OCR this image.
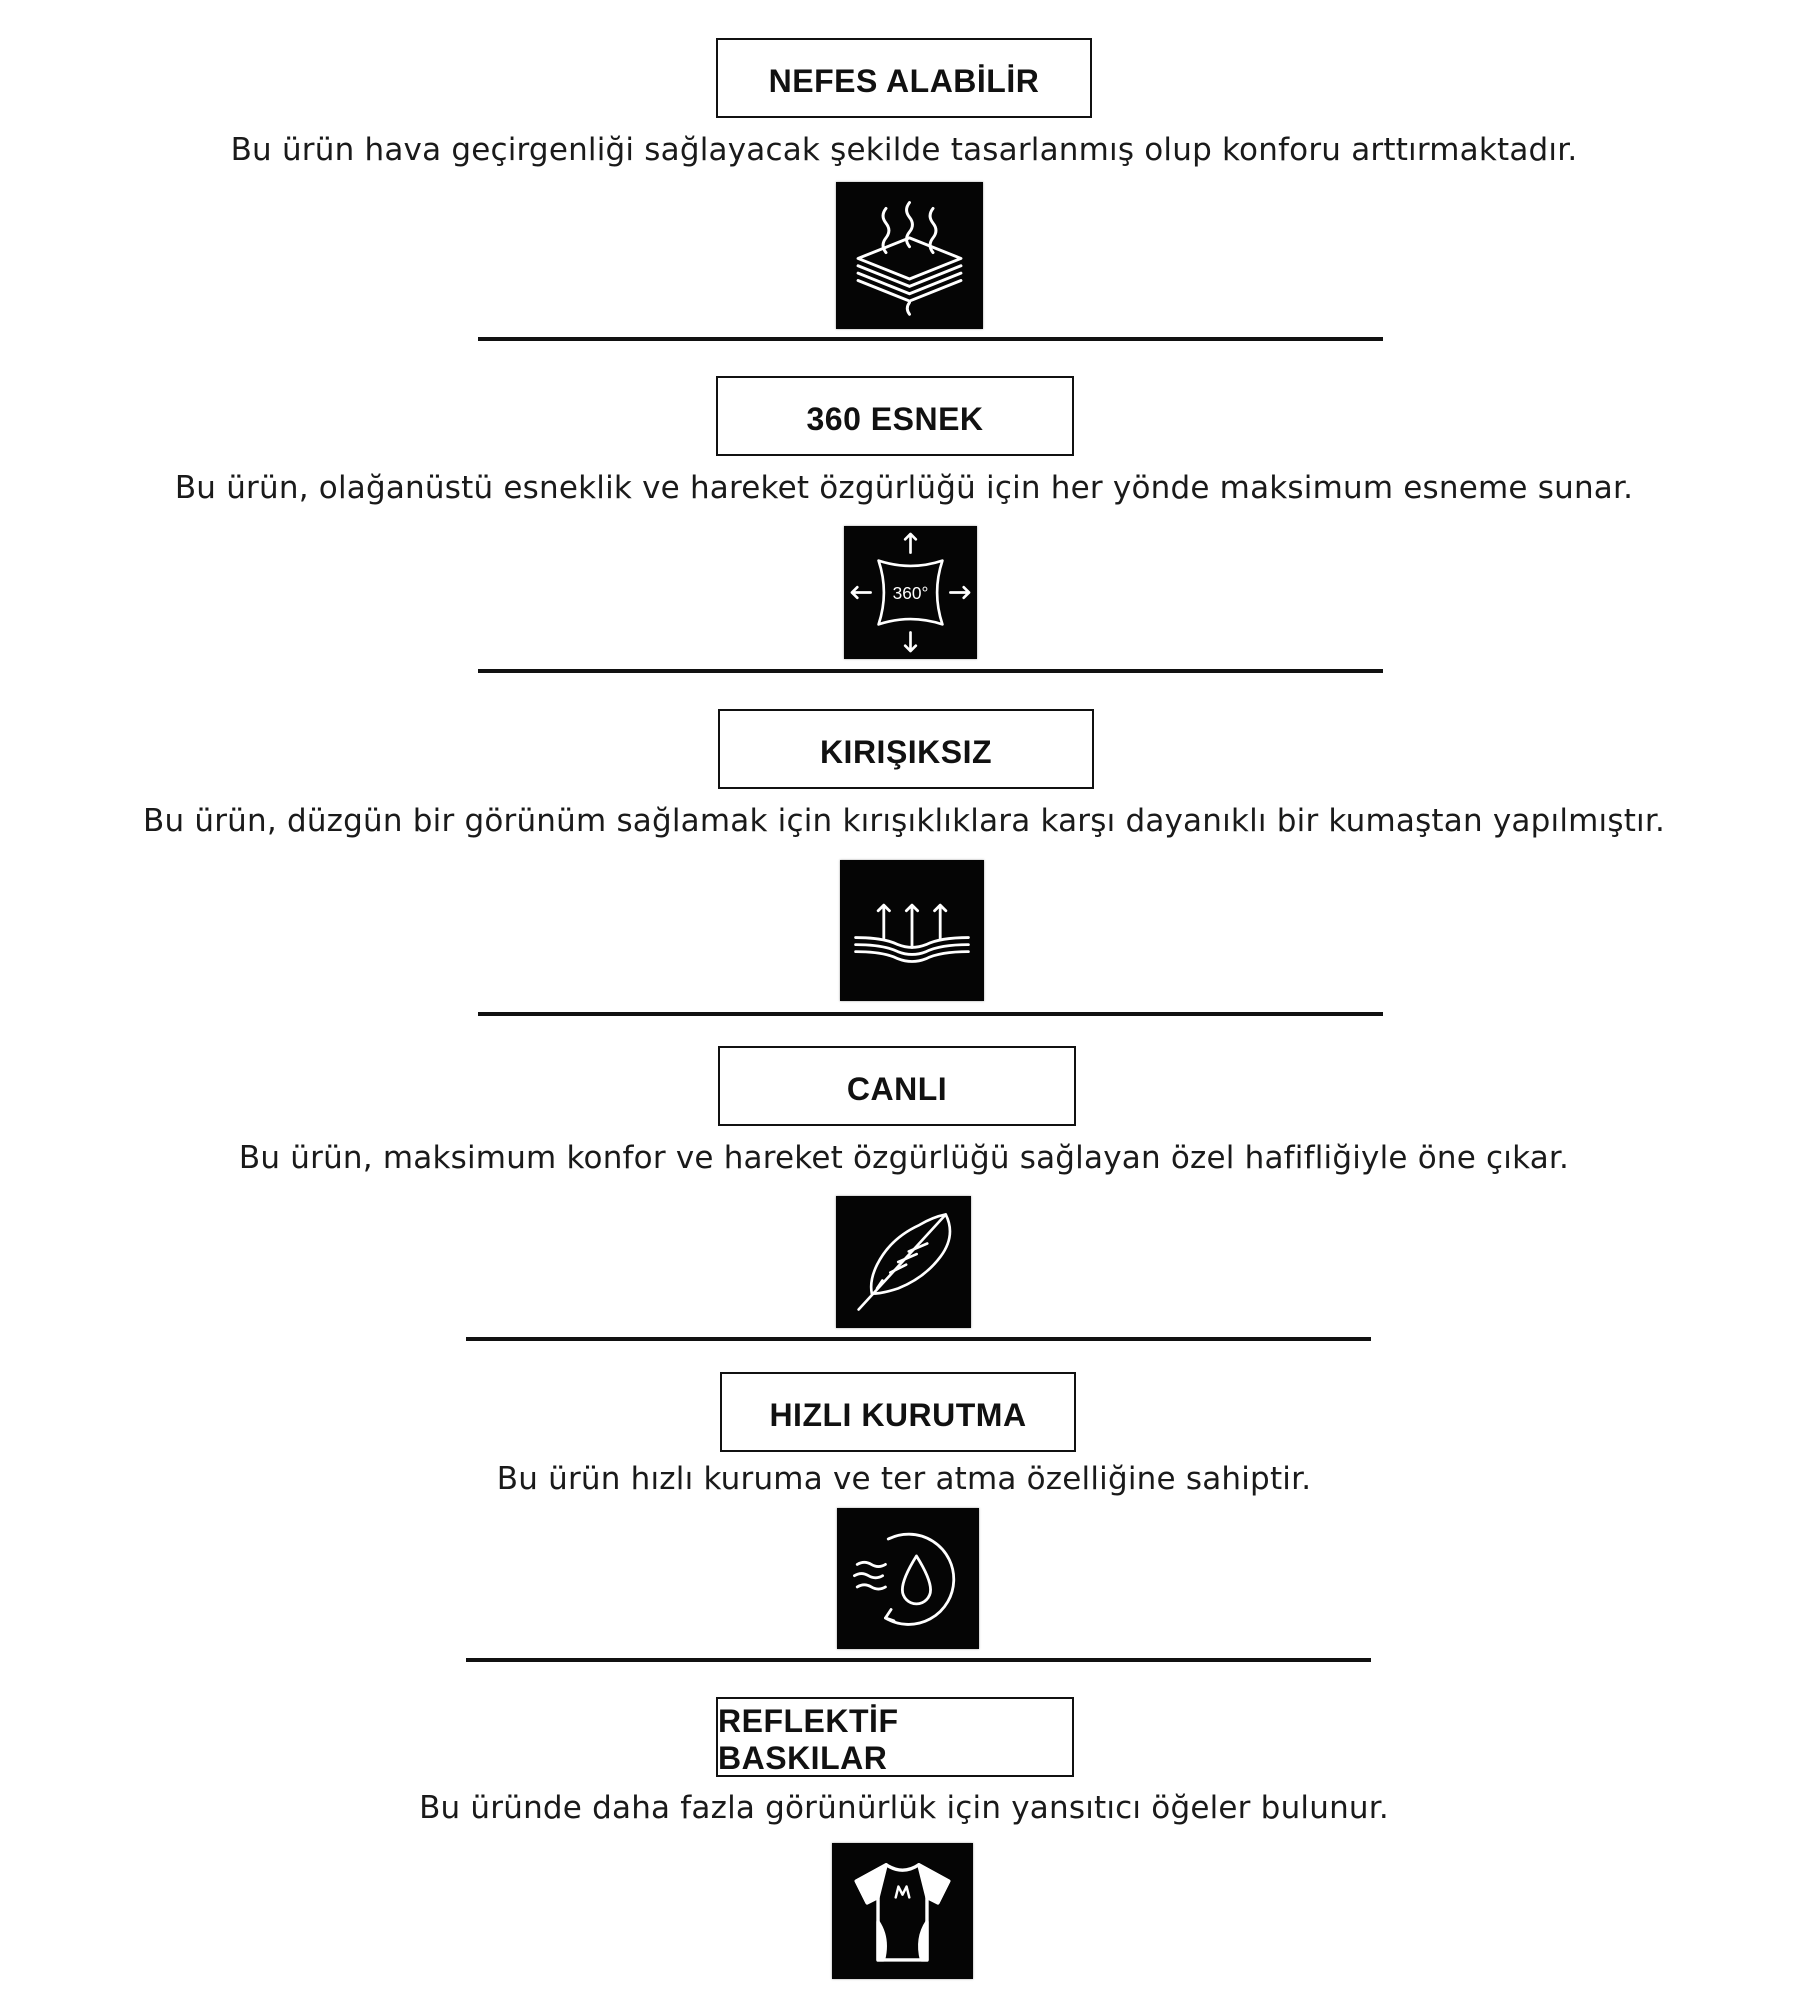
NEFES ALABİLİR
Bu ürün hava geçirgenliği sağlayacak şekilde tasarlanmış olup konforu arttırmaktadır.
360 ESNEK
Bu ürün, olağanüstü esneklik ve hareket özgürlüğü için her yönde maksimum esneme sunar.
360°
KIRIŞIKSIZ
Bu ürün, düzgün bir görünüm sağlamak için kırışıklıklara karşı dayanıklı bir kumaştan yapılmıştır.
CANLI
Bu ürün, maksimum konfor ve hareket özgürlüğü sağlayan özel hafifliğiyle öne çıkar.
HIZLI KURUTMA
Bu ürün hızlı kuruma ve ter atma özelliğine sahiptir.
REFLEKTİF BASKILAR
Bu üründe daha fazla görünürlük için yansıtıcı öğeler bulunur.
